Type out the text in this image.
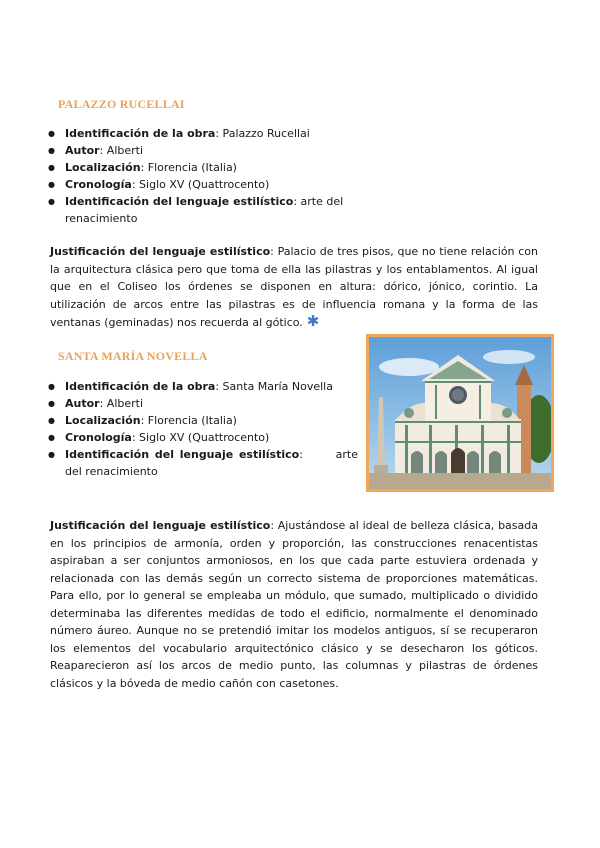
PALAZZO RUCELLAI
● Identificación de la obra: Palazzo Rucellai
● Autor: Alberti
● Localización: Florencia (Italia)
● Cronología: Siglo XV (Quattrocento)
● Identificación del lenguaje estilístico: arte del renacimiento

Justificación del lenguaje estilístico: Palacio de tres pisos, que no tiene relación con la arquitectura clásica pero que toma de ella las pilastras y los entablamentos. Al igual que en el Coliseo los órdenes se disponen en altura: dórico, jónico, corintio. La utilización de arcos entre las pilastras es de influencia romana y la forma de las ventanas (geminadas) nos recuerda al gótico. ✱

SANTA MARÍA NOVELLA
● Identificación de la obra: Santa María Novella
● Autor: Alberti
● Localización: Florencia (Italia)
● Cronología: Siglo XV (Quattrocento)
● Identificación del lenguaje estilístico:      arte del renacimiento

Justificación del lenguaje estilístico: Ajustándose al ideal de belleza clásica, basada en los principios de armonía, orden y proporción, las construcciones renacentistas aspiraban a ser conjuntos armoniosos, en los que cada parte estuviera ordenada y relacionada con las demás según un correcto sistema de proporciones matemáticas. Para ello, por lo general se empleaba un módulo, que sumado, multiplicado o dividido determinaba las diferentes medidas de todo el edificio, normalmente el denominado número áureo. Aunque no se pretendió imitar los modelos antiguos, sí se recuperaron los elementos del vocabulario arquitectónico clásico y se desecharon los góticos. Reaparecieron así los arcos de medio punto, las columnas y pilastras de órdenes clásicos y la bóveda de medio cañón con casetones.
